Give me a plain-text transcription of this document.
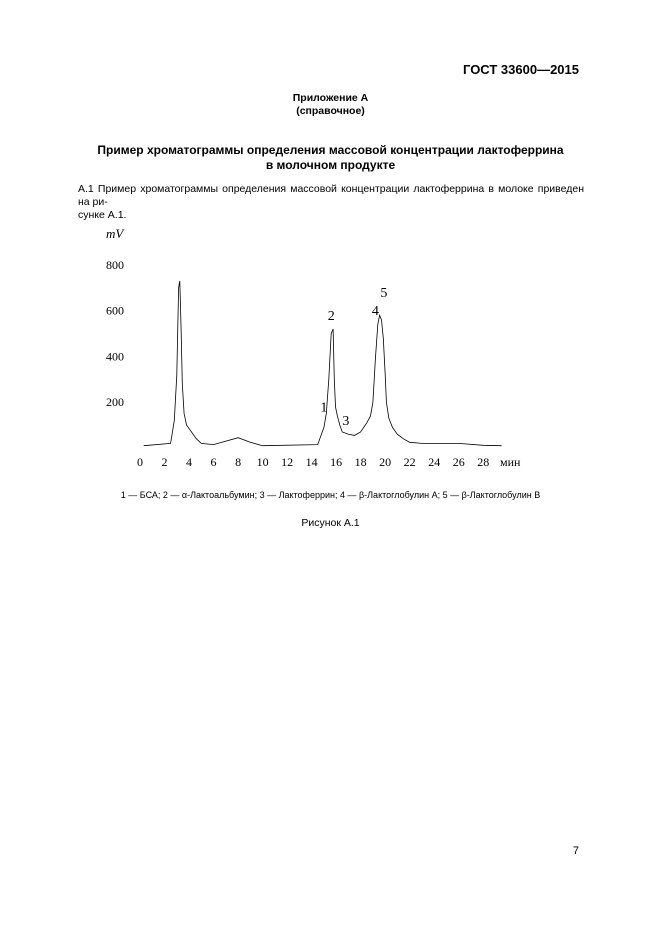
ГОСТ 33600—2015
Приложение А
(справочное)
Пример хроматограммы определения массовой концентрации лактоферрина
в молочном продукте
А.1 Пример хроматограммы определения массовой концентрации лактоферрина в молоке приведен на ри-
сунке А.1.
mV
мин
200
400
600
800
0 2 4 6 8 10 12 14 16 18 20 22 24 26 28
1
2
3
4
5
1 — БСА; 2 — α-Лактоальбумин; 3 — Лактоферрин; 4 — β-Лактоглобулин А; 5 — β-Лактоглобулин В
Рисунок А.1
7
